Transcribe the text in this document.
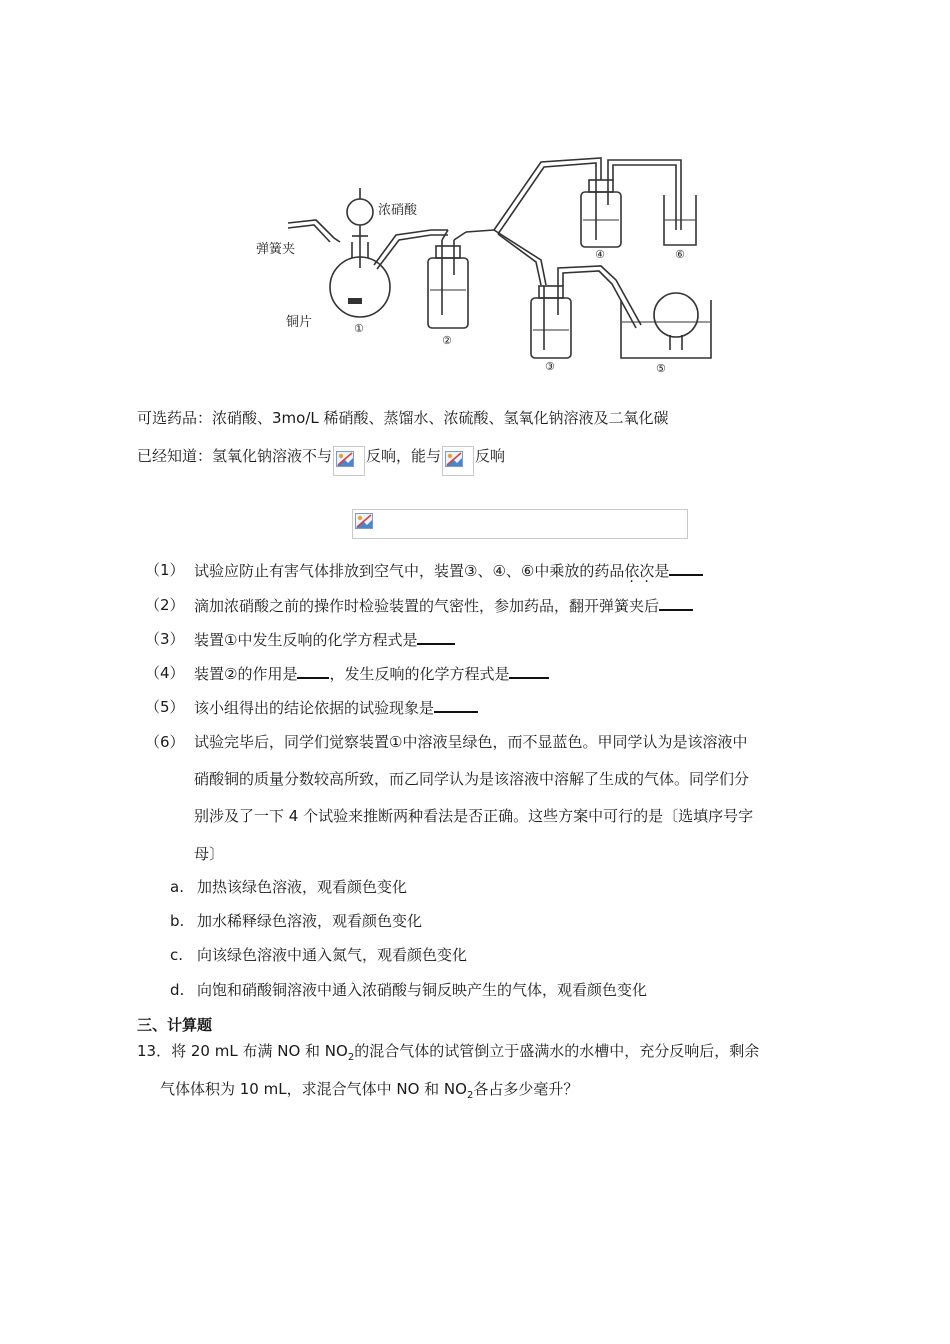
浓硝酸
弹簧夹
铜片	①
②
③
④
⑤
⑥
可选药品：浓硝酸、3mo/L 稀硝酸、蒸馏水、浓硫酸、氢氧化钠溶液及二氧化碳
已经知道：氢氧化钠溶液不与 反响，能与 反响
（1） 试验应防止有害气体排放到空气中，装置③、④、⑥中乘放的药品依次是
（2） 滴加浓硝酸之前的操作时检验装置的气密性，参加药品，翻开弹簧夹后
（3） 装置①中发生反响的化学方程式是
（4） 装置②的作用是 ，发生反响的化学方程式是
（5） 该小组得出的结论依据的试验现象是
（6） 试验完毕后，同学们觉察装置①中溶液呈绿色，而不显蓝色。甲同学认为是该溶液中
硝酸铜的质量分数较高所致，而乙同学认为是该溶液中溶解了生成的气体。同学们分
别涉及了一下 4 个试验来推断两种看法是否正确。这些方案中可行的是〔选填序号字
母〕
a. 加热该绿色溶液，观看颜色变化
b. 加水稀释绿色溶液，观看颜色变化
c. 向该绿色溶液中通入氮气，观看颜色变化
d. 向饱和硝酸铜溶液中通入浓硝酸与铜反映产生的气体，观看颜色变化
三、计算题
13．将 20 mL 布满 NO 和 $NO_2$的混合气体的试管倒立于盛满水的水槽中，充分反响后，剩余
气体体积为 10 mL，求混合气体中 NO 和 $NO_2$各占多少毫升？
